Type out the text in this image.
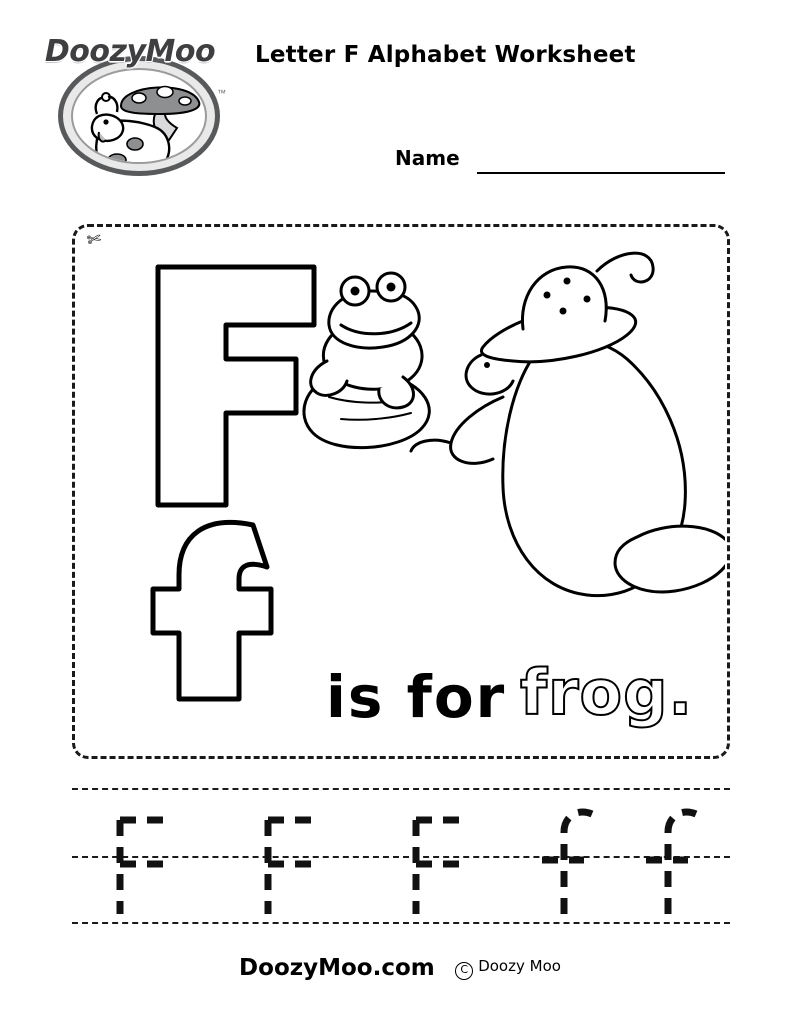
DoozyMoo
™
Letter F Alphabet Worksheet
Name
✄
is for frog.
DoozyMoo.com C Doozy Moo
